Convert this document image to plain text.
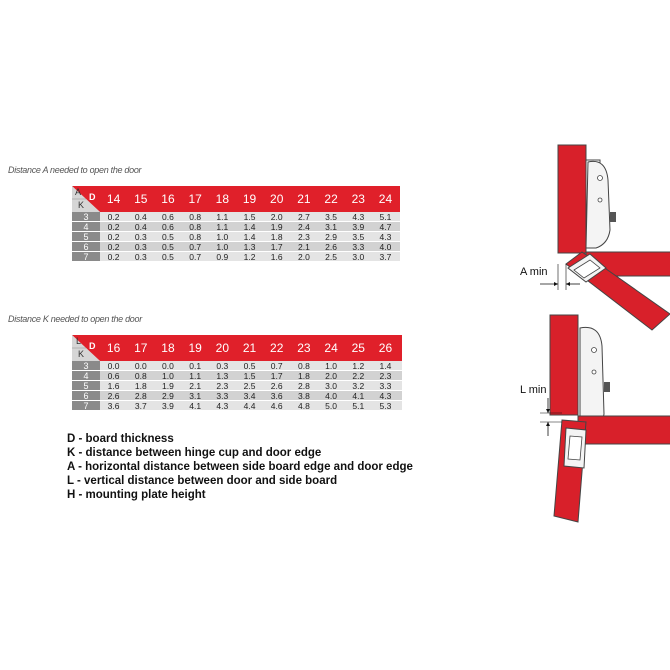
Distance A needed to open the door
A
K
D 14	15	16	17	18	19	20	21	22	23	24
3	0.2	0.4	0.6	0.8	1.1	1.5	2.0	2.7	3.5	4.3	5.1
4	0.2	0.4	0.6	0.8	1.1	1.4	1.9	2.4	3.1	3.9	4.7
5	0.2	0.3	0.5	0.8	1.0	1.4	1.8	2.3	2.9	3.5	4.3
6	0.2	0.3	0.5	0.7	1.0	1.3	1.7	2.1	2.6	3.3	4.0
7	0.2	0.3	0.5	0.7	0.9	1.2	1.6	2.0	2.5	3.0	3.7
Distance K needed to open the door
L
K
D 16	17	18	19	20	21	22	23	24	25	26
3	0.0	0.0	0.0	0.1	0.3	0.5	0.7	0.8	1.0	1.2	1.4
4	0.6	0.8	1.0	1.1	1.3	1.5	1.7	1.8	2.0	2.2	2.3
5	1.6	1.8	1.9	2.1	2.3	2.5	2.6	2.8	3.0	3.2	3.3
6	2.6	2.8	2.9	3.1	3.3	3.4	3.6	3.8	4.0	4.1	4.3
7	3.6	3.7	3.9	4.1	4.3	4.4	4.6	4.8	5.0	5.1	5.3
D - board thickness
K - distance between hinge cup and door edge
A - horizontal distance between side board edge and door edge
L - vertical distance between door and side board
H - mounting plate height
A min
L min
